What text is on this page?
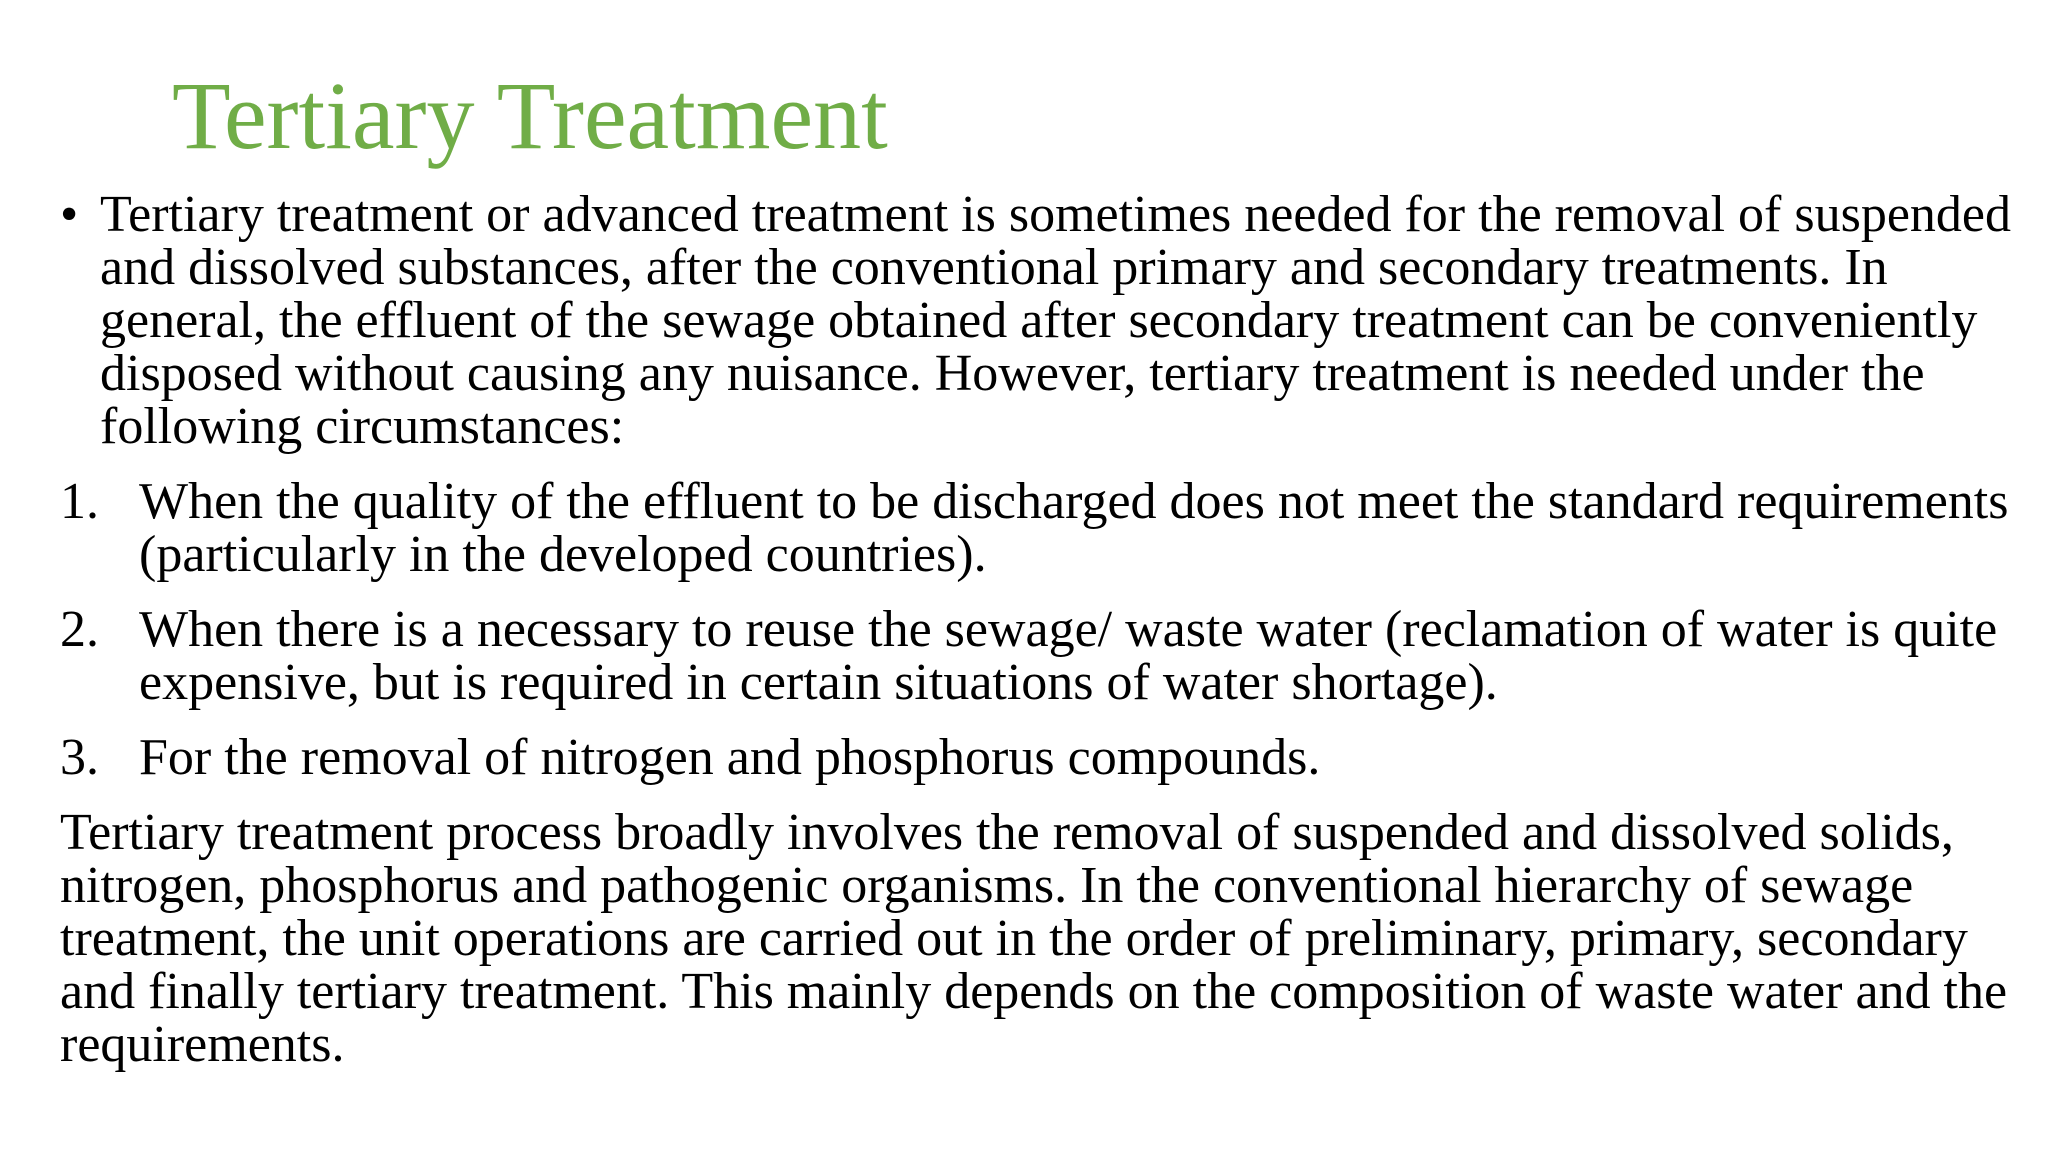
Tertiary Treatment
• Tertiary treatment or advanced treatment is sometimes needed for the removal of suspended and dissolved substances, after the conventional primary and secondary treatments. In general, the effluent of the sewage obtained after secondary treatment can be conveniently disposed without causing any nuisance. However, tertiary treatment is needed under the following circumstances:
1. When the quality of the effluent to be discharged does not meet the standard requirements (particularly in the developed countries).
2. When there is a necessary to reuse the sewage/ waste water (reclamation of water is quite expensive, but is required in certain situations of water shortage).
3. For the removal of nitrogen and phosphorus compounds.

Tertiary treatment process broadly involves the removal of suspended and dissolved solids, nitrogen, phosphorus and pathogenic organisms. In the conventional hierarchy of sewage treatment, the unit operations are carried out in the order of preliminary, primary, secondary and finally tertiary treatment. This mainly depends on the composition of waste water and the requirements.
